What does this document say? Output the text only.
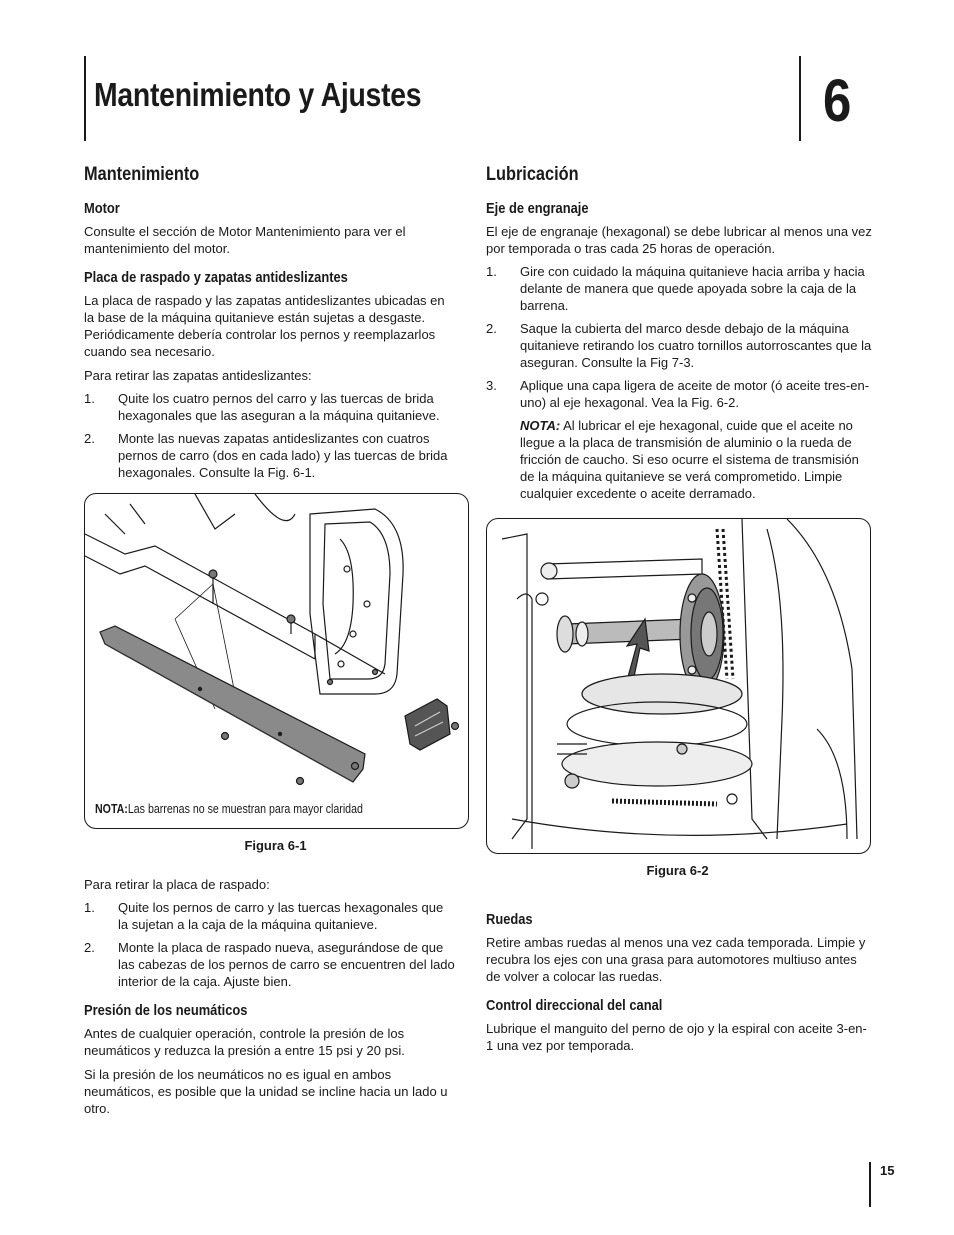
Mantenimiento y Ajustes	6
Mantenimiento
Motor

Consulte el sección de Motor Mantenimiento para ver el mantenimiento del motor.

Placa de raspado y zapatas antideslizantes

La placa de raspado y las zapatas antideslizantes ubicadas en la base de la máquina quitanieve están sujetas a desgaste. Periódicamente debería controlar los pernos y reemplazarlos cuando sea necesario.

Para retirar las zapatas antideslizantes:

1. Quite los cuatro pernos del carro y las tuercas de brida hexagonales que las aseguran a la máquina quitanieve.
2. Monte las nuevas zapatas antideslizantes con cuatros pernos de carro (dos en cada lado) y las tuercas de brida hexagonales. Consulte la Fig. 6-1.
NOTA:Las barrenas no se muestran para mayor claridad

Figura 6-1

Para retirar la placa de raspado:

1. Quite los pernos de carro y las tuercas hexagonales que la sujetan a la caja de la máquina quitanieve.
2. Monte la placa de raspado nueva, asegurándose de que las cabezas de los pernos de carro se encuentren del lado interior de la caja. Ajuste bien.
Presión de los neumáticos

Antes de cualquier operación, controle la presión de los neumáticos y reduzca la presión a entre 15 psi y 20 psi.

Si la presión de los neumáticos no es igual en ambos neumáticos, es posible que la unidad se incline hacia un lado u otro.

Lubricación
Eje de engranaje

El eje de engranaje (hexagonal) se debe lubricar al menos una vez por temporada o tras cada 25 horas de operación.

1. Gire con cuidado la máquina quitanieve hacia arriba y hacia delante de manera que quede apoyada sobre la caja de la barrena.
2. Saque la cubierta del marco desde debajo de la máquina quitanieve retirando los cuatro tornillos autorroscantes que la aseguran. Consulte la Fig 7-3.
3. Aplique una capa ligera de aceite de motor (ó aceite tres-en-uno) al eje hexagonal. Vea la Fig. 6-2.
NOTA: Al lubricar el eje hexagonal, cuide que el aceite no llegue a la placa de transmisión de aluminio o la rueda de fricción de caucho. Si eso ocurre el sistema de transmisión de la máquina quitanieve se verá comprometido. Limpie cualquier excedente o aceite derramado.

Figura 6-2

Ruedas

Retire ambas ruedas al menos una vez cada temporada. Limpie y recubra los ejes con una grasa para automotores multiuso antes de volver a colocar las ruedas.

Control direccional del canal

Lubrique el manguito del perno de ojo y la espiral con aceite 3-en-1 una vez por temporada.

15
